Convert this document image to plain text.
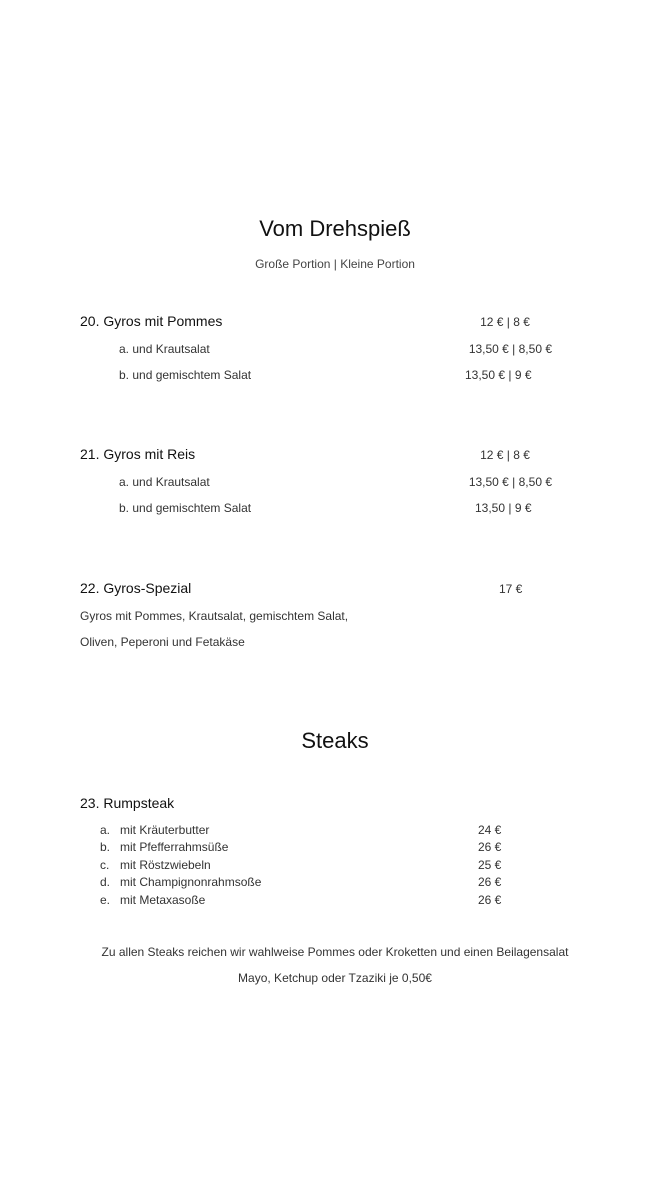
Vom Drehspieß
Große Portion | Kleine Portion
20. Gyros mit Pommes	12 € | 8 €
a. und Krautsalat	13,50 € | 8,50 €
b. und gemischtem Salat	13,50 € | 9 €
21. Gyros mit Reis	12 € | 8 €
a. und Krautsalat	13,50 € | 8,50 €
b. und gemischtem Salat	13,50 | 9 €
22. Gyros-Spezial	17 €
Gyros mit Pommes, Krautsalat, gemischtem Salat,
Oliven, Peperoni und Fetakäse
Steaks
23. Rumpsteak
a. mit Kräuterbutter	24 €
b. mit Pfefferrahmsüße	26 €
c. mit Röstzwiebeln	25 €
d. mit Champignonrahmsoße	26 €
e. mit Metaxasoße	26 €
Zu allen Steaks reichen wir wahlweise Pommes oder Kroketten und einen Beilagensalat
Mayo, Ketchup oder Tzaziki je 0,50€
